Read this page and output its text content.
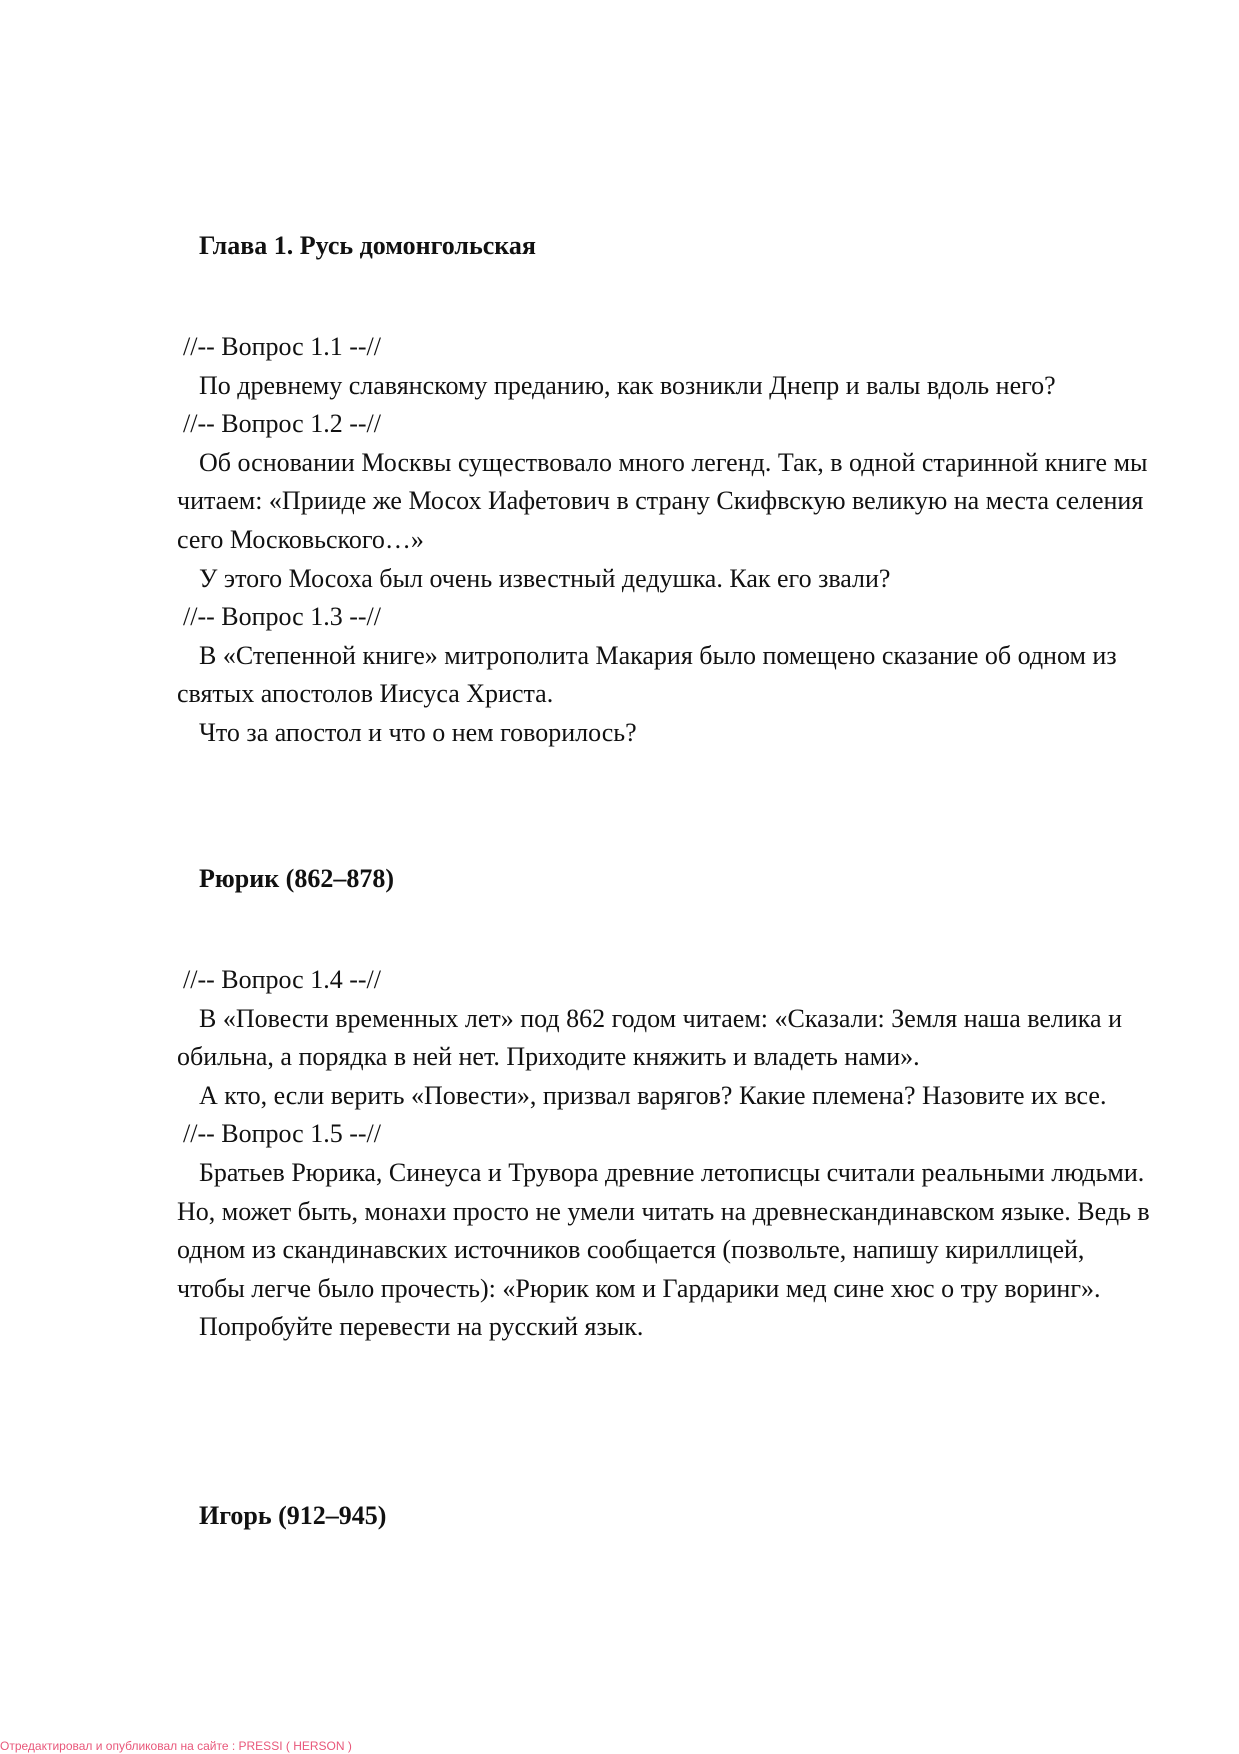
Глава 1. Русь домонгольская
//-- Вопрос 1.1 --//
По древнему славянскому преданию, как возникли Днепр и валы вдоль него?
//-- Вопрос 1.2 --//
Об основании Москвы существовало много легенд. Так, в одной старинной книге мы читаем: «Прииде же Мосох Иафетович в страну Скифвскую великую на места селения сего Московьского…»
У этого Мосоха был очень известный дедушка. Как его звали?
//-- Вопрос 1.3 --//
В «Степенной книге» митрополита Макария было помещено сказание об одном из святых апостолов Иисуса Христа.
Что за апостол и что о нем говорилось?
Рюрик (862–878)
//-- Вопрос 1.4 --//
В «Повести временных лет» под 862 годом читаем: «Сказали: Земля наша велика и обильна, а порядка в ней нет. Приходите княжить и владеть нами».
А кто, если верить «Повести», призвал варягов? Какие племена? Назовите их все.
//-- Вопрос 1.5 --//
Братьев Рюрика, Синеуса и Трувора древние летописцы считали реальными людьми. Но, может быть, монахи просто не умели читать на древнескандинавском языке. Ведь в одном из скандинавских источников сообщается (позвольте, напишу кириллицей, чтобы легче было прочесть): «Рюрик ком и Гардарики мед сине хюс о тру воринг».
Попробуйте перевести на русский язык.
Игорь (912–945)
Отредактировал и опубликовал на сайте : PRESSI ( HERSON )
